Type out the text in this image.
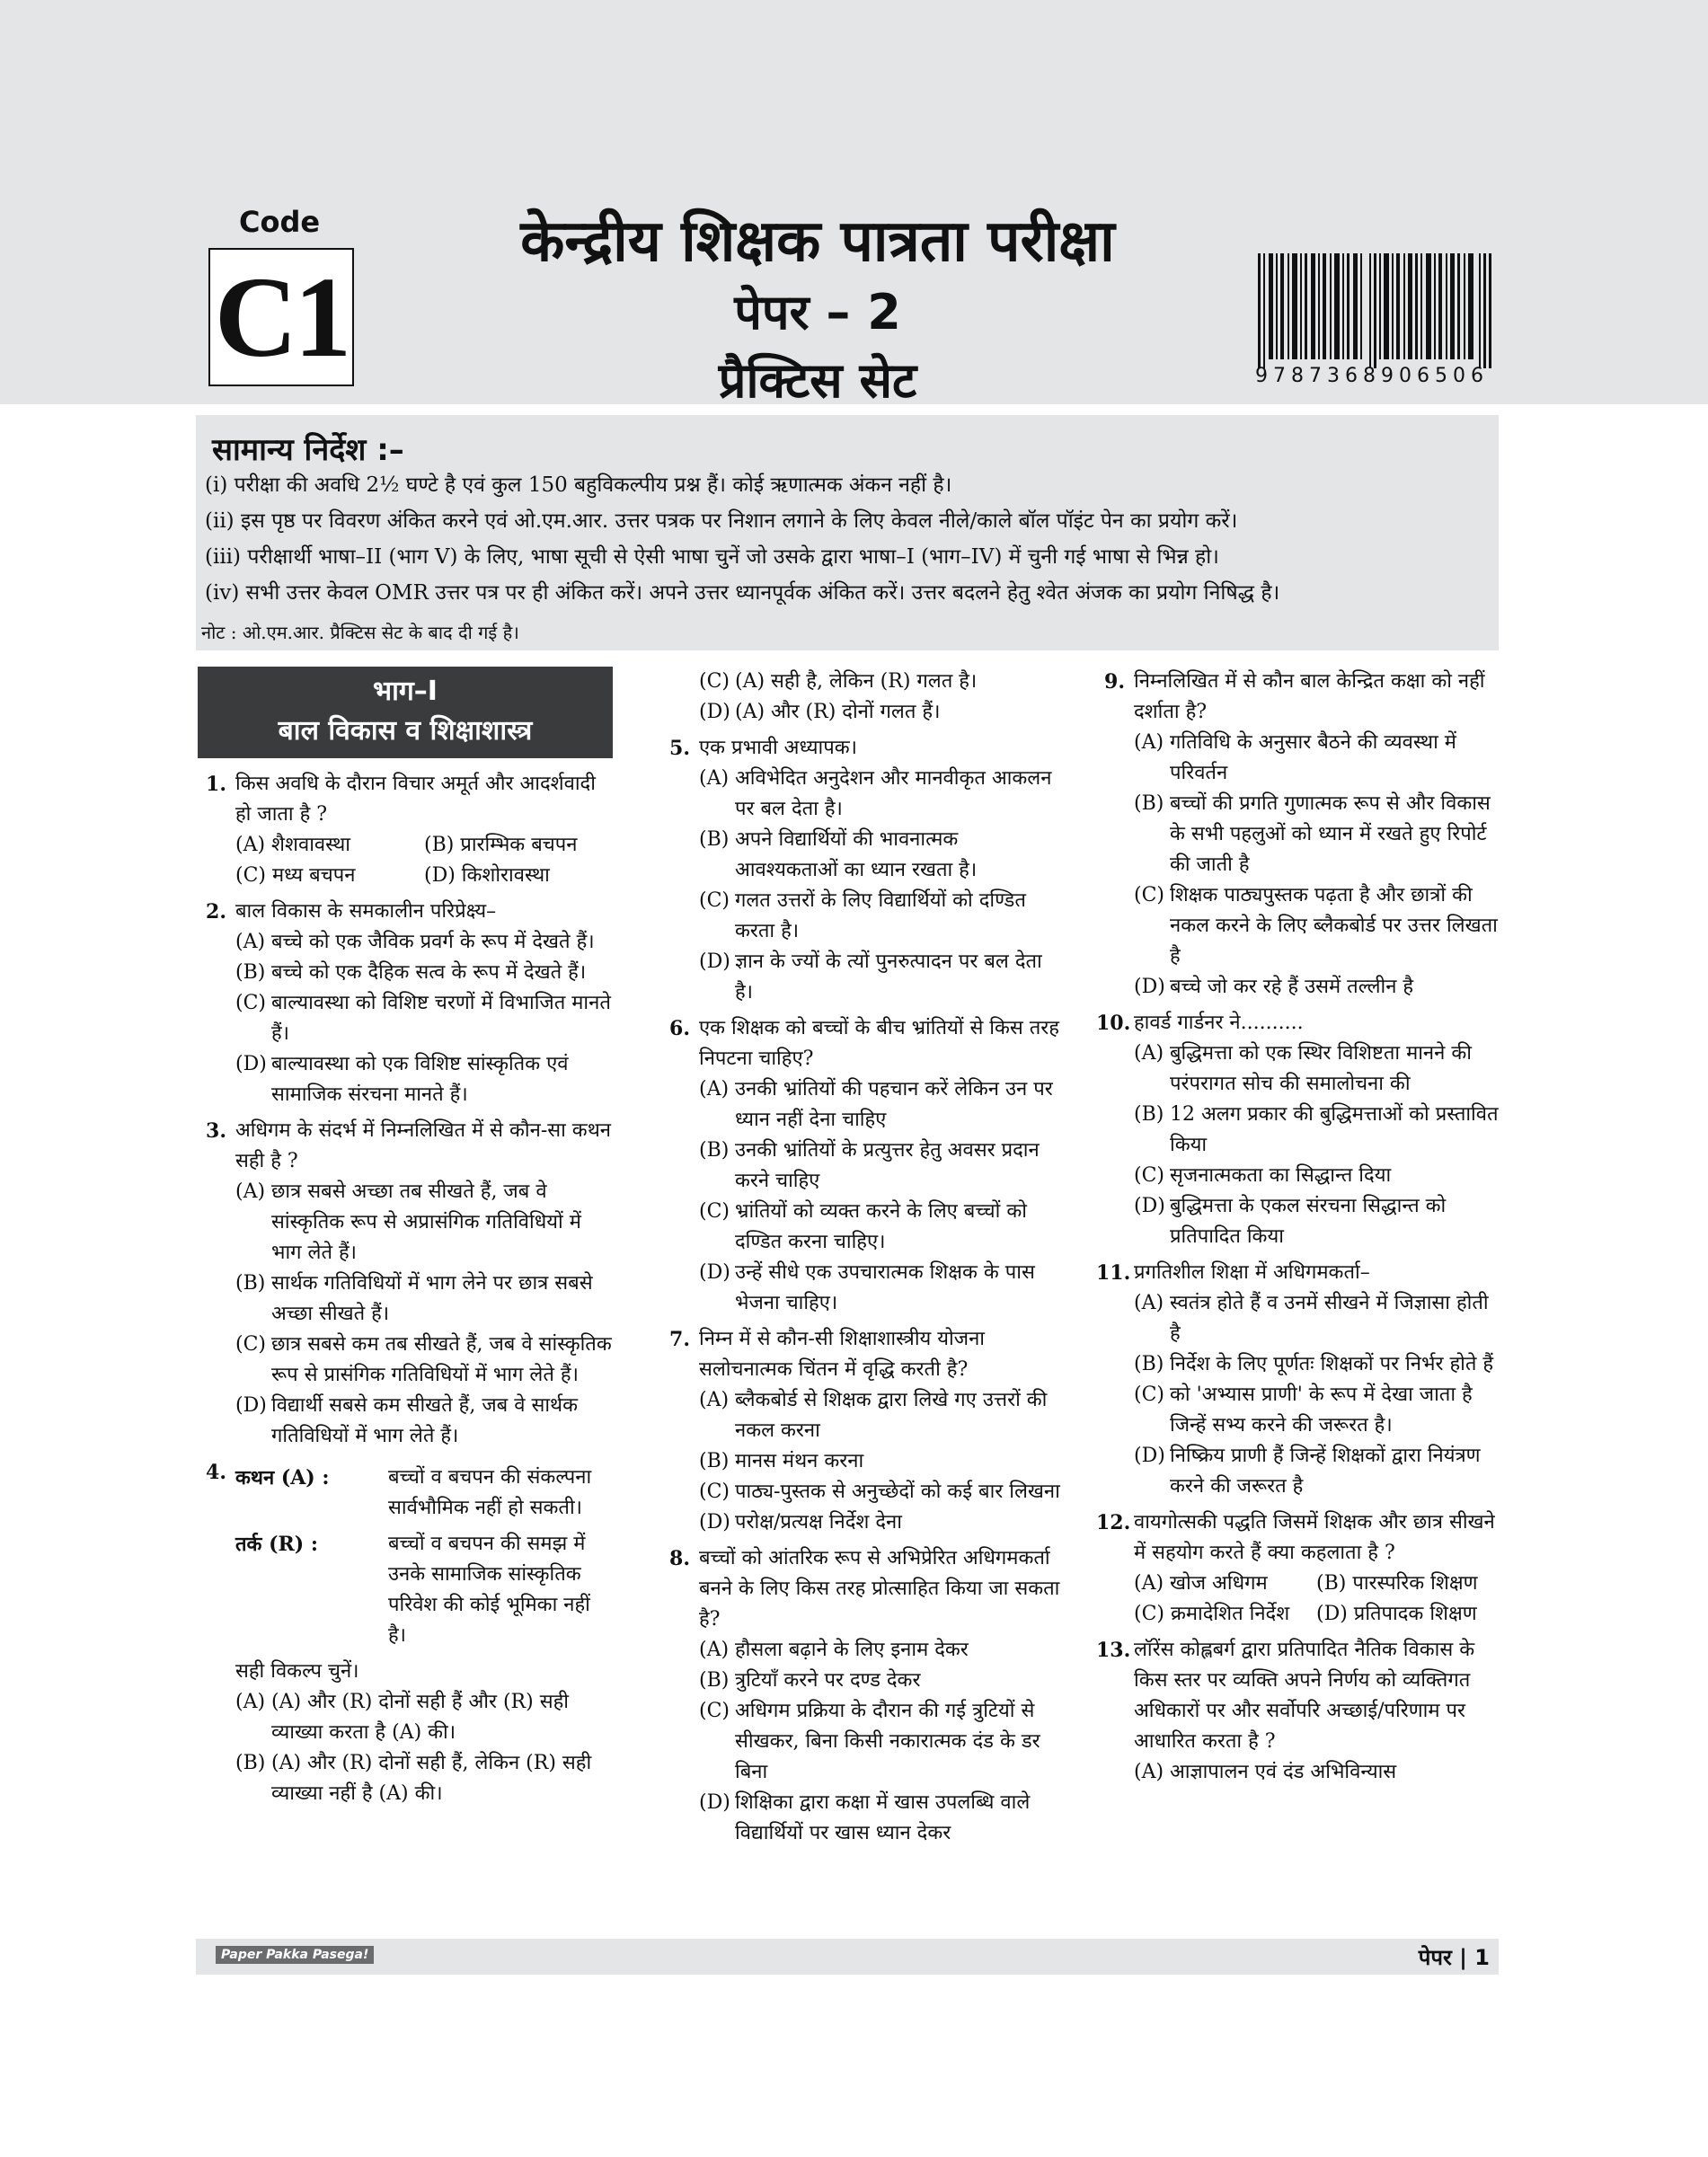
Code
C1
केन्द्रीय शिक्षक पात्रता परीक्षा
पेपर – 2
प्रैक्टिस सेट	9787368906506
सामान्य निर्देश :–
(i) परीक्षा की अवधि 2½ घण्टे है एवं कुल 150 बहुविकल्पीय प्रश्न हैं। कोई ऋणात्मक अंकन नहीं है।
(ii) इस पृष्ठ पर विवरण अंकित करने एवं ओ.एम.आर. उत्तर पत्रक पर निशान लगाने के लिए केवल नीले/काले बॉल पॉइंट पेन का प्रयोग करें।
(iii) परीक्षार्थी भाषा–II (भाग V) के लिए, भाषा सूची से ऐसी भाषा चुनें जो उसके द्वारा भाषा–I (भाग–IV) में चुनी गई भाषा से भिन्न हो।
(iv) सभी उत्तर केवल OMR उत्तर पत्र पर ही अंकित करें। अपने उत्तर ध्यानपूर्वक अंकित करें। उत्तर बदलने हेतु श्वेत अंजक का प्रयोग निषिद्ध है।
नोट : ओ.एम.आर. प्रैक्टिस सेट के बाद दी गई है।
भाग–I
बाल विकास व शिक्षाशास्त्र
1. किस अवधि के दौरान विचार अमूर्त और आदर्शवादी हो जाता है ?
(A) शैशवावस्था	(B) प्रारम्भिक बचपन
(C) मध्य बचपन	(D) किशोरावस्था
2. बाल विकास के समकालीन परिप्रेक्ष्य–
(A) बच्चे को एक जैविक प्रवर्ग के रूप में देखते हैं।
(B) बच्चे को एक दैहिक सत्व के रूप में देखते हैं।
(C) बाल्यावस्था को विशिष्ट चरणों में विभाजित मानते हैं।
(D) बाल्यावस्था को एक विशिष्ट सांस्कृतिक एवं सामाजिक संरचना मानते हैं।
3. अधिगम के संदर्भ में निम्नलिखित में से कौन-सा कथन सही है ?
(A) छात्र सबसे अच्छा तब सीखते हैं, जब वे सांस्कृतिक रूप से अप्रासंगिक गतिविधियों में भाग लेते हैं।
(B) सार्थक गतिविधियों में भाग लेने पर छात्र सबसे अच्छा सीखते हैं।
(C) छात्र सबसे कम तब सीखते हैं, जब वे सांस्कृतिक रूप से प्रासंगिक गतिविधियों में भाग लेते हैं।
(D) विद्यार्थी सबसे कम सीखते हैं, जब वे सार्थक गतिविधियों में भाग लेते हैं।
4. कथन (A) :	बच्चों व बचपन की संकल्पना सार्वभौमिक नहीं हो सकती।
तर्क (R) :	बच्चों व बचपन की समझ में उनके सामाजिक सांस्कृतिक परिवेश की कोई भूमिका नहीं है।
सही विकल्प चुनें।
(A) (A) और (R) दोनों सही हैं और (R) सही व्याख्या करता है (A) की।
(B) (A) और (R) दोनों सही हैं, लेकिन (R) सही व्याख्या नहीं है (A) की।
(C) (A) सही है, लेकिन (R) गलत है।
(D) (A) और (R) दोनों गलत हैं।
5. एक प्रभावी अध्यापक।
(A) अविभेदित अनुदेशन और मानवीकृत आकलन पर बल देता है।
(B) अपने विद्यार्थियों की भावनात्मक आवश्यकताओं का ध्यान रखता है।
(C) गलत उत्तरों के लिए विद्यार्थियों को दण्डित करता है।
(D) ज्ञान के ज्यों के त्यों पुनरुत्पादन पर बल देता है।
6. एक शिक्षक को बच्चों के बीच भ्रांतियों से किस तरह निपटना चाहिए?
(A) उनकी भ्रांतियों की पहचान करें लेकिन उन पर ध्यान नहीं देना चाहिए
(B) उनकी भ्रांतियों के प्रत्युत्तर हेतु अवसर प्रदान करने चाहिए
(C) भ्रांतियों को व्यक्त करने के लिए बच्चों को दण्डित करना चाहिए।
(D) उन्हें सीधे एक उपचारात्मक शिक्षक के पास भेजना चाहिए।
7. निम्न में से कौन-सी शिक्षाशास्त्रीय योजना सलोचनात्मक चिंतन में वृद्धि करती है?
(A) ब्लैकबोर्ड से शिक्षक द्वारा लिखे गए उत्तरों की नकल करना
(B) मानस मंथन करना
(C) पाठ्य-पुस्तक से अनुच्छेदों को कई बार लिखना
(D) परोक्ष/प्रत्यक्ष निर्देश देना
8. बच्चों को आंतरिक रूप से अभिप्रेरित अधिगमकर्ता बनने के लिए किस तरह प्रोत्साहित किया जा सकता है?
(A) हौसला बढ़ाने के लिए इनाम देकर
(B) त्रुटियाँ करने पर दण्ड देकर
(C) अधिगम प्रक्रिया के दौरान की गई त्रुटियों से सीखकर, बिना किसी नकारात्मक दंड के डर बिना
(D) शिक्षिका द्वारा कक्षा में खास उपलब्धि वाले विद्यार्थियों पर खास ध्यान देकर
9. निम्नलिखित में से कौन बाल केन्द्रित कक्षा को नहीं दर्शाता है?
(A) गतिविधि के अनुसार बैठने की व्यवस्था में परिवर्तन
(B) बच्चों की प्रगति गुणात्मक रूप से और विकास के सभी पहलुओं को ध्यान में रखते हुए रिपोर्ट की जाती है
(C) शिक्षक पाठ्यपुस्तक पढ़ता है और छात्रों की नकल करने के लिए ब्लैकबोर्ड पर उत्तर लिखता है
(D) बच्चे जो कर रहे हैं उसमें तल्लीन है
10. हावर्ड गार्डनर ने..........
(A) बुद्धिमत्ता को एक स्थिर विशिष्टता मानने की परंपरागत सोच की समालोचना की
(B) 12 अलग प्रकार की बुद्धिमत्ताओं को प्रस्तावित किया
(C) सृजनात्मकता का सिद्धान्त दिया
(D) बुद्धिमत्ता के एकल संरचना सिद्धान्त को प्रतिपादित किया
11. प्रगतिशील शिक्षा में अधिगमकर्ता–
(A) स्वतंत्र होते हैं व उनमें सीखने में जिज्ञासा होती है
(B) निर्देश के लिए पूर्णतः शिक्षकों पर निर्भर होते हैं
(C) को 'अभ्यास प्राणी' के रूप में देखा जाता है जिन्हें सभ्य करने की जरूरत है।
(D) निष्क्रिय प्राणी हैं जिन्हें शिक्षकों द्वारा नियंत्रण करने की जरूरत है
12. वायगोत्सकी पद्धति जिसमें शिक्षक और छात्र सीखने में सहयोग करते हैं क्या कहलाता है ?
(A) खोज अधिगम	(B) पारस्परिक शिक्षण
(C) क्रमादेशित निर्देश	(D) प्रतिपादक शिक्षण
13. लॉरेंस कोह्लबर्ग द्वारा प्रतिपादित नैतिक विकास के किस स्तर पर व्यक्ति अपने निर्णय को व्यक्तिगत अधिकारों पर और सर्वोपरि अच्छाई/परिणाम पर आधारित करता है ?
(A) आज्ञापालन एवं दंड अभिविन्यास
Paper Pakka Pasega!	पेपर | 1
